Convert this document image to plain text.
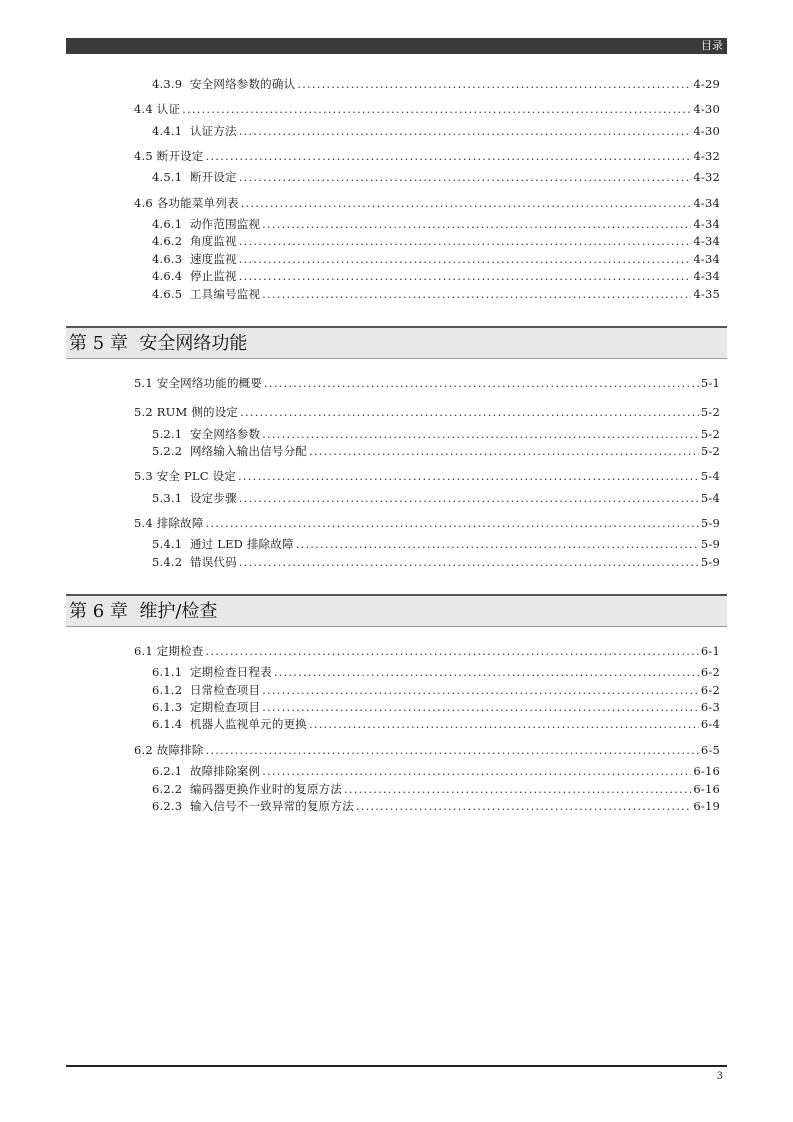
目录
4.3.9  安全网络参数的确认 .....	4-29
4.4 认证 .....	4-30
4.4.1  认证方法 .....	4-30
4.5 断开设定 .....	4-32
4.5.1  断开设定 .....	4-32
4.6 各功能菜单列表 .....	4-34
4.6.1  动作范围监视 .....	4-34
4.6.2  角度监视 .....	4-34
4.6.3  速度监视 .....	4-34
4.6.4  停止监视 .....	4-34
4.6.5  工具编号监视 .....	4-35
第 5 章  安全网络功能
5.1 安全网络功能的概要 .....	5-1
5.2 RUM 侧的设定 .....	5-2
5.2.1  安全网络参数 .....	5-2
5.2.2  网络输入输出信号分配 .....	5-2
5.3 安全 PLC 设定 .....	5-4
5.3.1  设定步骤 .....	5-4
5.4 排除故障 .....	5-9
5.4.1  通过 LED 排除故障 .....	5-9
5.4.2  错误代码 .....	5-9
第 6 章  维护/检查
6.1 定期检查 .....	6-1
6.1.1  定期检查日程表 .....	6-2
6.1.2  日常检查项目 .....	6-2
6.1.3  定期检查项目 .....	6-3
6.1.4  机器人监视单元的更换 .....	6-4
6.2 故障排除 .....	6-5
6.2.1  故障排除案例 .....	6-16
6.2.2  编码器更换作业时的复原方法 .....	6-16
6.2.3  输入信号不一致异常的复原方法 .....	6-19
3
